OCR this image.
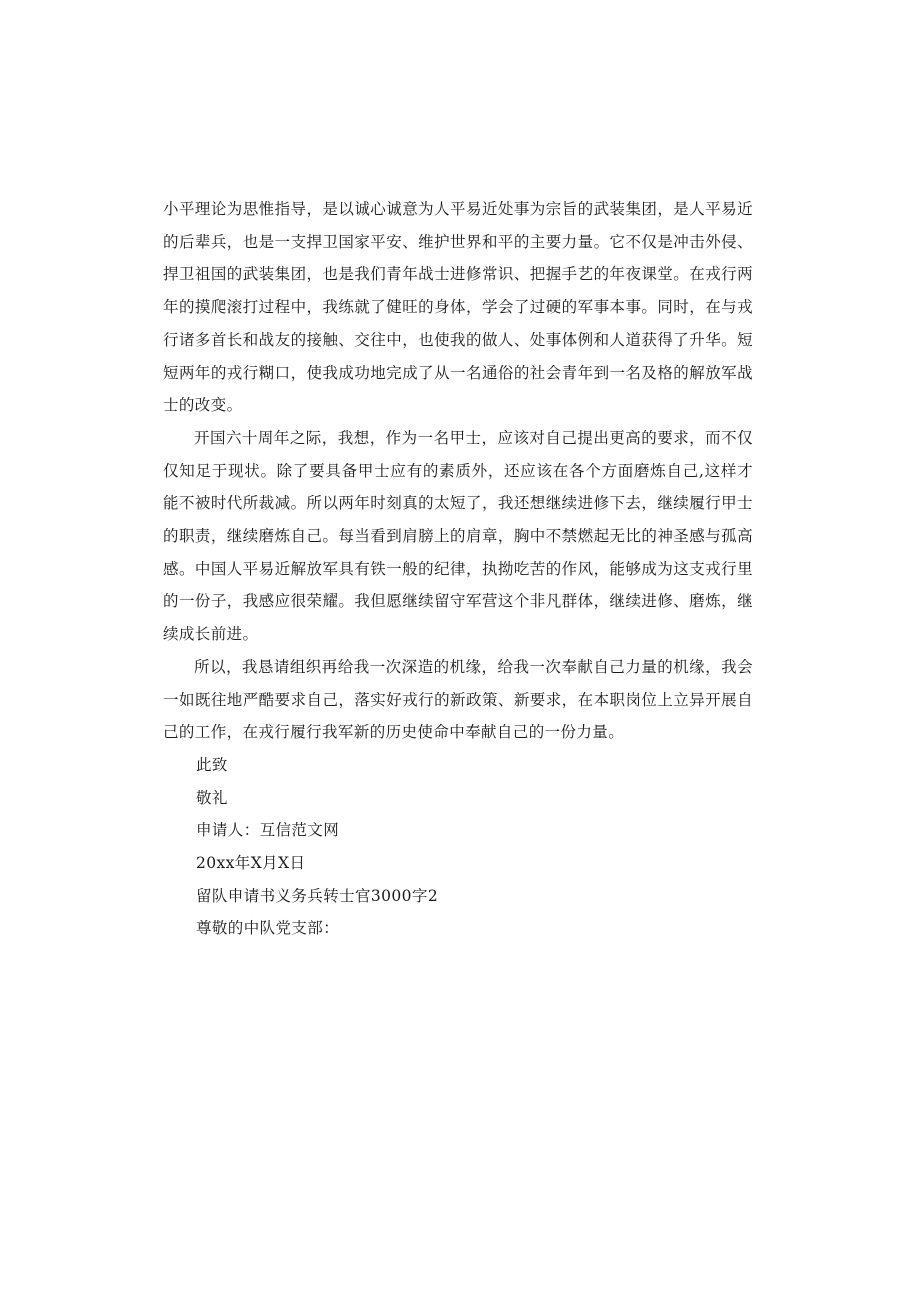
小平理论为思惟指导，是以诚心诚意为人平易近处事为宗旨的武装集团，是人平易近的后辈兵，也是一支捍卫国家平安、维护世界和平的主要力量。它不仅是冲击外侵、捍卫祖国的武装集团，也是我们青年战士进修常识、把握手艺的年夜课堂。在戎行两年的摸爬滚打过程中，我练就了健旺的身体，学会了过硬的军事本事。同时，在与戎行诸多首长和战友的接触、交往中，也使我的做人、处事体例和人道获得了升华。短短两年的戎行糊口，使我成功地完成了从一名通俗的社会青年到一名及格的解放军战士的改变。

开国六十周年之际，我想，作为一名甲士，应该对自己提出更高的要求，而不仅仅知足于现状。除了要具备甲士应有的素质外，还应该在各个方面磨炼自己,这样才能不被时代所裁减。所以两年时刻真的太短了，我还想继续进修下去，继续履行甲士的职责，继续磨炼自己。每当看到肩膀上的肩章，胸中不禁燃起无比的神圣感与孤高感。中国人平易近解放军具有铁一般的纪律，执拗吃苦的作风，能够成为这支戎行里的一份子，我感应很荣耀。我但愿继续留守军营这个非凡群体，继续进修、磨炼，继续成长前进。

所以，我恳请组织再给我一次深造的机缘，给我一次奉献自己力量的机缘，我会一如既往地严酷要求自己，落实好戎行的新政策、新要求，在本职岗位上立异开展自己的工作，在戎行履行我军新的历史使命中奉献自己的一份力量。

此致

敬礼

申请人：互信范文网

20xx年X月X日

留队申请书义务兵转士官3000字2

尊敬的中队党支部：
